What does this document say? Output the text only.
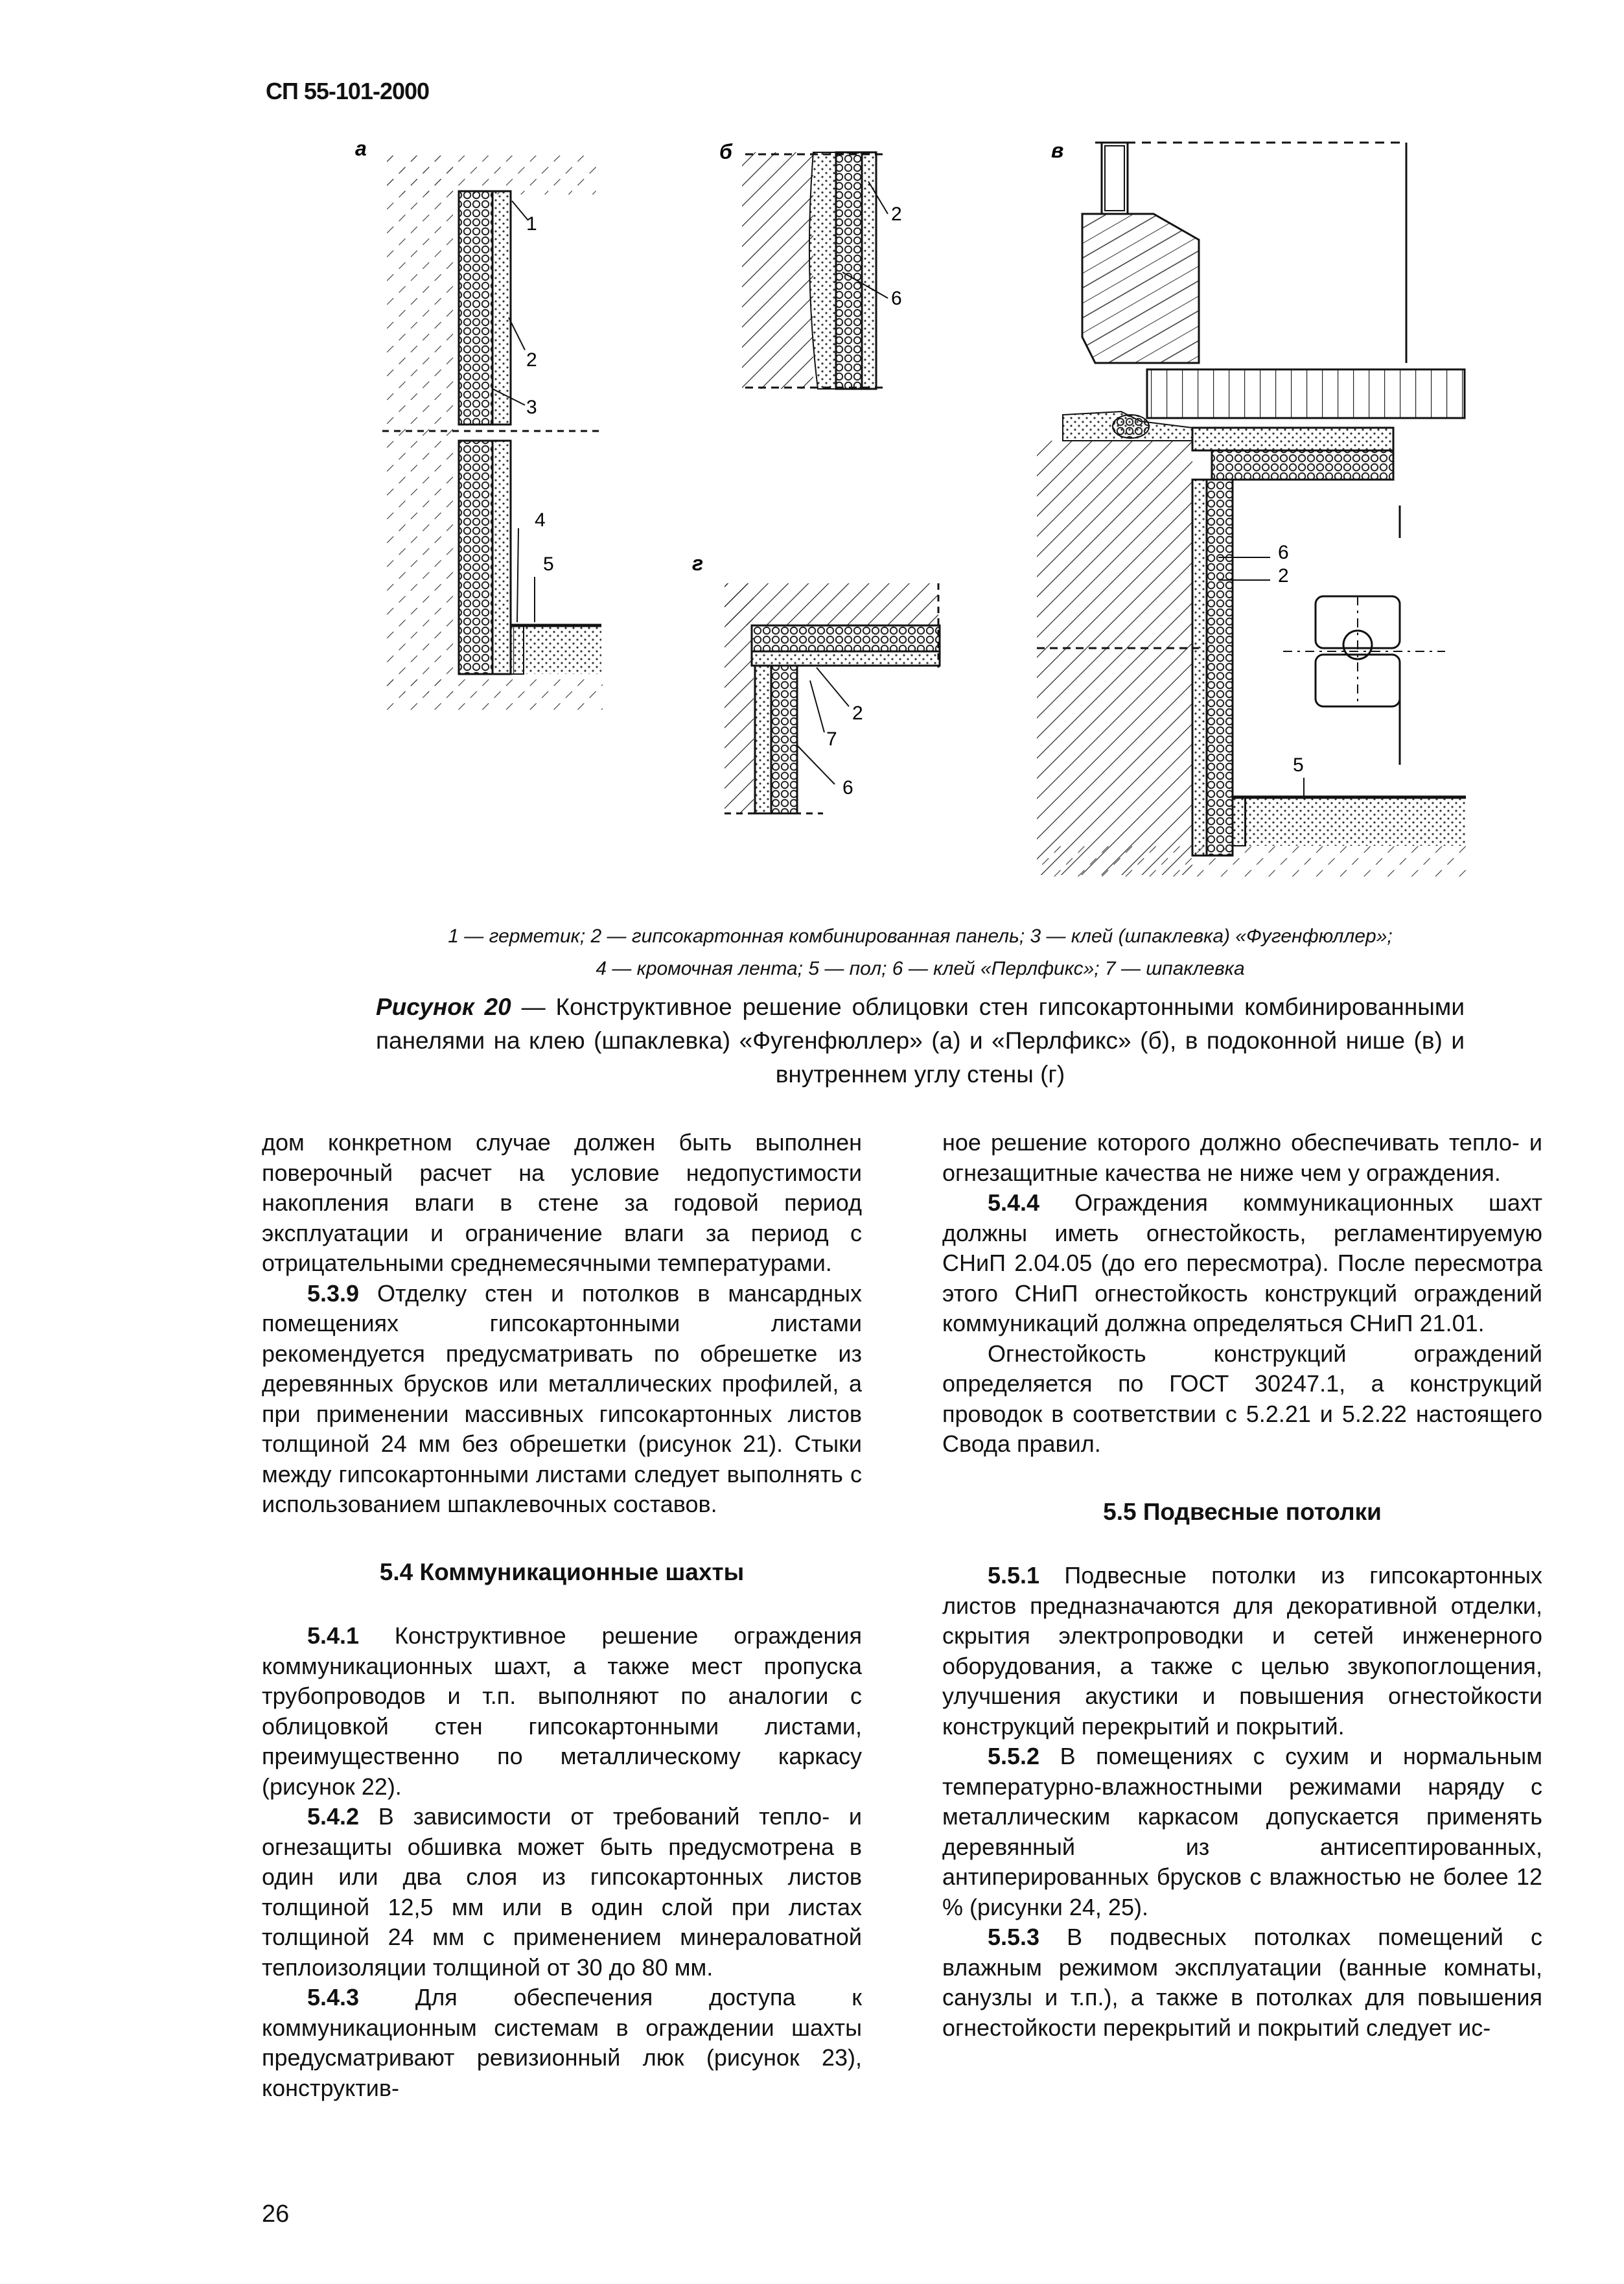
СП 55-101-2000
а
1
2
3
4
5
б
2
6
г
2
7
6
в
6
2
5
1 — герметик; 2 — гипсокартонная комбинированная панель; 3 — клей (шпаклевка) «Фугенфюллер»;
4 — кромочная лента; 5 — пол; 6 — клей «Перлфикс»; 7 — шпаклевка
Рисунок 20 — Конструктивное решение облицовки стен гипсокартонными комбинированными панелями на клею (шпаклевка) «Фугенфюллер» (а) и «Перлфикс» (б), в подоконной нише (в) и внутреннем углу стены (г)

дом конкретном случае должен быть выполнен поверочный расчет на условие недопустимости накопления влаги в стене за годовой период эксплуатации и ограничение влаги за период с отрицательными среднемесячными температурами.

5.3.9 Отделку стен и потолков в мансардных помещениях гипсокартонными листами рекомендуется предусматривать по обрешетке из деревянных брусков или металлических профилей, а при применении массивных гипсокартонных листов толщиной 24 мм без обрешетки (рисунок 21). Стыки между гипсокартонными листами следует выполнять с использованием шпаклевочных составов.

5.4 Коммуникационные шахты

5.4.1 Конструктивное решение ограждения коммуникационных шахт, а также мест пропуска трубопроводов и т.п. выполняют по аналогии с облицовкой стен гипсокартонными листами, преимущественно по металлическому каркасу (рисунок 22).

5.4.2 В зависимости от требований тепло- и огнезащиты обшивка может быть предусмотрена в один или два слоя из гипсокартонных листов толщиной 12,5 мм или в один слой при листах толщиной 24 мм с применением минераловатной теплоизоляции толщиной от 30 до 80 мм.

5.4.3 Для обеспечения доступа к коммуникационным системам в ограждении шахты предусматривают ревизионный люк (рисунок 23), конструктив-

ное решение которого должно обеспечивать тепло- и огнезащитные качества не ниже чем у ограждения.

5.4.4 Ограждения коммуникационных шахт должны иметь огнестойкость, регламентируемую СНиП 2.04.05 (до его пересмотра). После пересмотра этого СНиП огнестойкость конструкций ограждений коммуникаций должна определяться СНиП 21.01.

Огнестойкость конструкций ограждений определяется по ГОСТ 30247.1, а конструкций проводок в соответствии с 5.2.21 и 5.2.22 настоящего Свода правил.

5.5 Подвесные потолки

5.5.1 Подвесные потолки из гипсокартонных листов предназначаются для декоративной отделки, скрытия электропроводки и сетей инженерного оборудования, а также с целью звукопоглощения, улучшения акустики и повышения огнестойкости конструкций перекрытий и покрытий.

5.5.2 В помещениях с сухим и нормальным температурно-влажностными режимами наряду с металлическим каркасом допускается применять деревянный из антисептированных, антиперированных брусков с влажностью не более 12 % (рисунки 24, 25).

5.5.3 В подвесных потолках помещений с влажным режимом эксплуатации (ванные комнаты, санузлы и т.п.), а также в потолках для повышения огнестойкости перекрытий и покрытий следует ис-

26
